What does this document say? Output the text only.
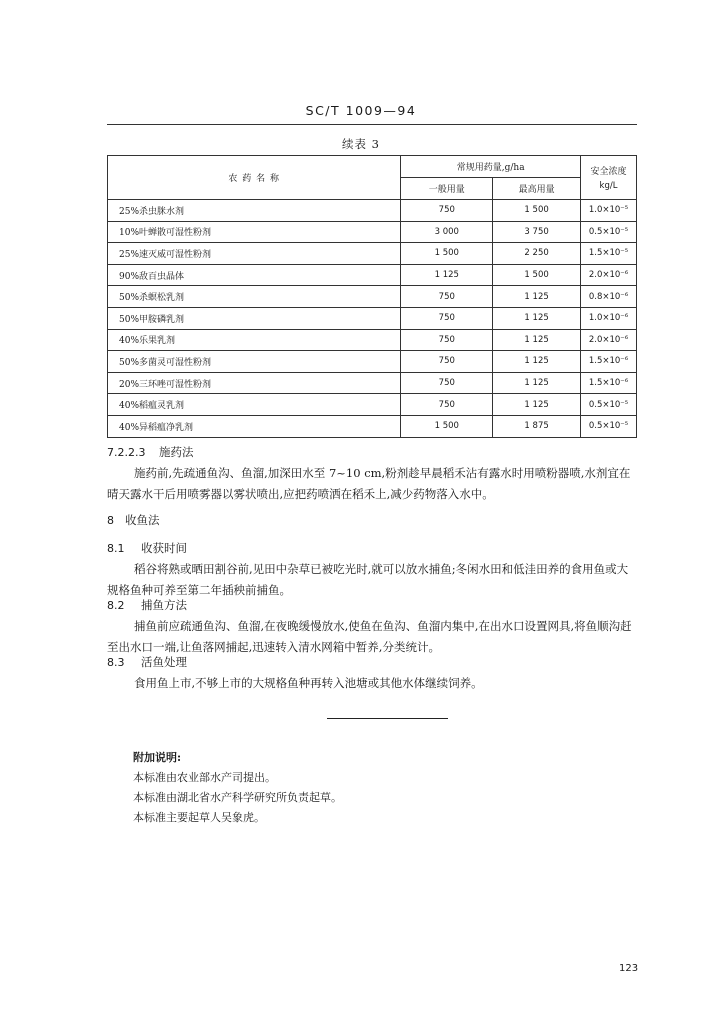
SC/T 1009—94
续表 3
农 药 名 称	常规用药量,g/ha		安全浓度
kg/L

	一般用量	最高用量	
25%杀虫脒水剂	750	1 500	1.0×10⁻⁵
10%叶蝉散可湿性粉剂	3 000	3 750	0.5×10⁻⁵
25%速灭威可湿性粉剂	1 500	2 250	1.5×10⁻⁵
90%敌百虫晶体	1 125	1 500	2.0×10⁻⁶
50%杀螟松乳剂	750	1 125	0.8×10⁻⁶
50%甲胺磷乳剂	750	1 125	1.0×10⁻⁶
40%乐果乳剂	750	1 125	2.0×10⁻⁶
50%多菌灵可湿性粉剂	750	1 125	1.5×10⁻⁶
20%三环唑可湿性粉剂	750	1 125	1.5×10⁻⁶
40%稻瘟灵乳剂	750	1 125	0.5×10⁻⁵
40%异稻瘟净乳剂	1 500	1 875	0.5×10⁻⁵

7.2.2.3 施药法

施药前,先疏通鱼沟、鱼溜,加深田水至 7~10 cm,粉剂趁早晨稻禾沾有露水时用喷粉器喷,水剂宜在晴天露水干后用喷雾器以雾状喷出,应把药喷洒在稻禾上,减少药物落入水中。

8 收鱼法

8.1 收获时间

稻谷将熟或晒田割谷前,见田中杂草已被吃光时,就可以放水捕鱼;冬闲水田和低洼田养的食用鱼或大规格鱼种可养至第二年插秧前捕鱼。

8.2 捕鱼方法

捕鱼前应疏通鱼沟、鱼溜,在夜晚缓慢放水,使鱼在鱼沟、鱼溜内集中,在出水口设置网具,将鱼顺沟赶至出水口一端,让鱼落网捕起,迅速转入清水网箱中暂养,分类统计。

8.3 活鱼处理

食用鱼上市,不够上市的大规格鱼种再转入池塘或其他水体继续饲养。

附加说明:

本标准由农业部水产司提出。

本标准由湖北省水产科学研究所负责起草。

本标准主要起草人吴象虎。

123
